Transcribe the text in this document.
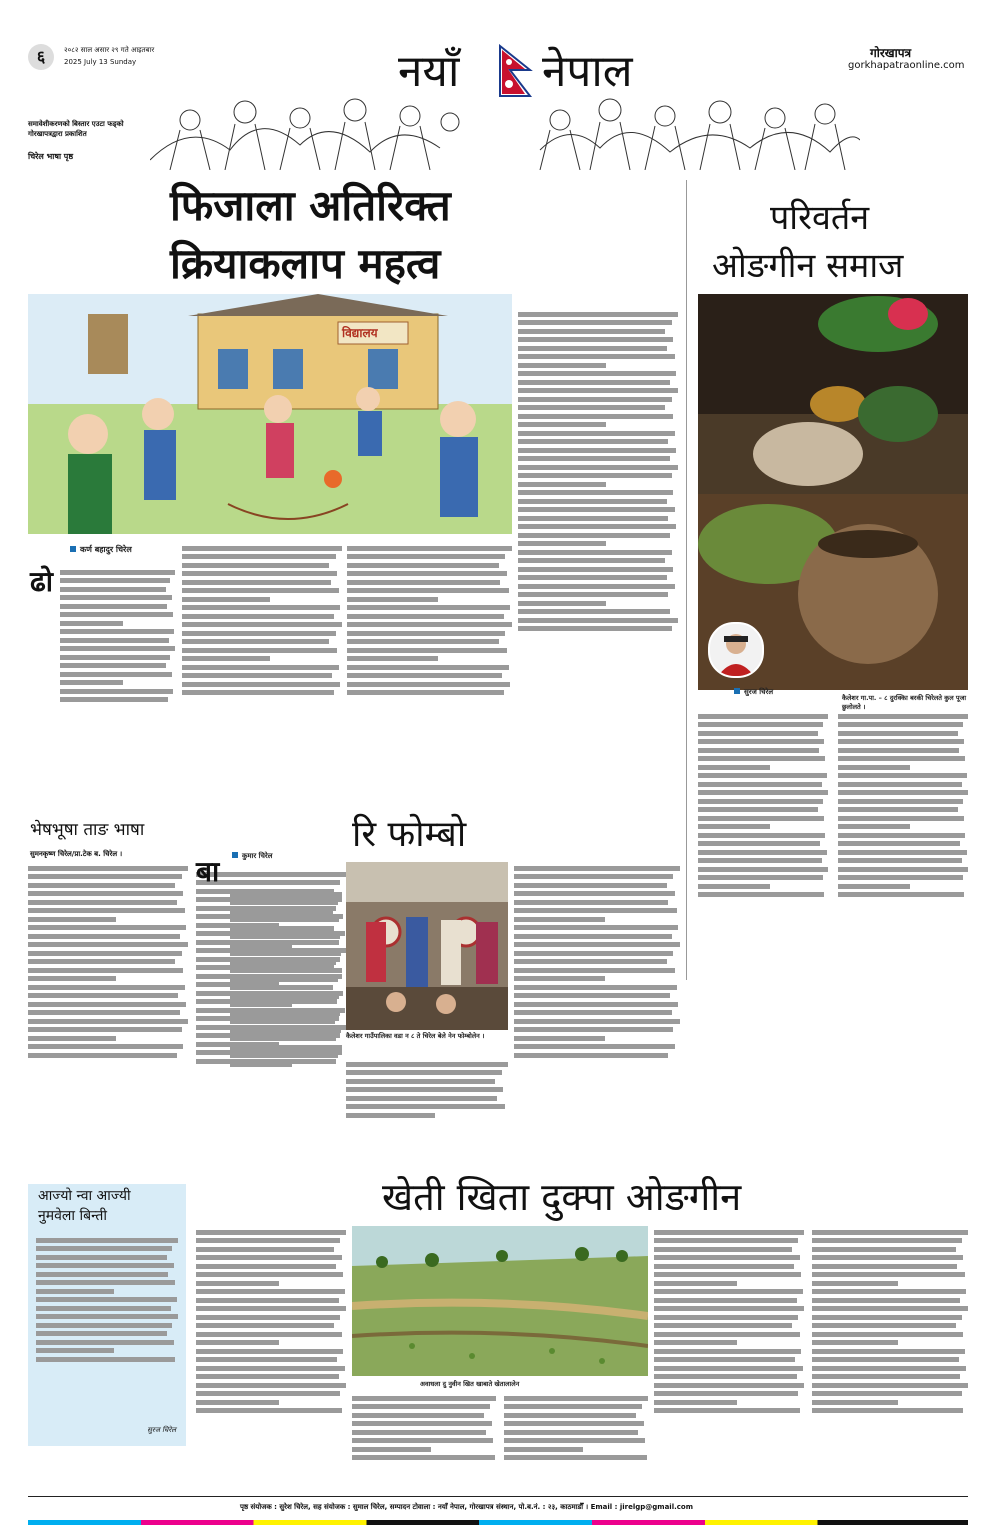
६	२०८२ साल असार २९ गते आइतबार
2025 July 13 Sunday	नयाँ नेपाल	गोरखापत्र
gorkhapatraonline.com
समावेशीकरणको बिस्तार एउटा फड्को
गोरखापत्रद्वारा प्रकाशित
चिरेल भाषा पृष्ठ
फिजाला अतिरिक्त
क्रियाकलाप महत्व
विद्यालय
कर्ण बहादुर चिरेल
ढो
परिवर्तन
ओङगीन समाज
सुरज चिरेल
कैलेशर गा.पा. – ८ दुरक्किा बरकी चिरेलते कुल पूजा छुलोलते ।
भेषभूषा ताङ भाषा
सुमनकृष्ण चिरेल/प्रा.टेक ब. चिरेल ।	रि फोम्बो
कुमार चिरेल
बा
कैलेशर गाउँपालिका वडा न ८ ते चिरेल बेले नेन फोम्बोलेन ।
आज्यो न्वा आज्यी
नुमवेला बिन्ती
सुरज चिरेल
खेती खिता दुक्पा ओङगीन
अवाधला दु नुवीन खित खाबाते खेतालालेन
पृष्ठ संयोजक : सुरेश चिरेल, सह संयोजक : सुमाल चिरेल, सम्पादन टोवाला : नयाँ नेपाल, गोरखापत्र संस्थान, पो.ब.नं. : २३, काठमाडौँ । Email : jirelgp@gmail.com
